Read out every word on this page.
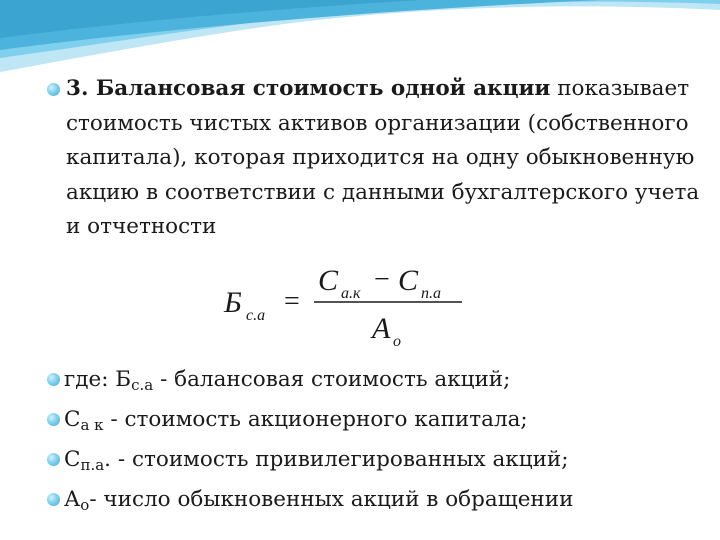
3. Балансовая стоимость одной акции показывает стоимость чистых активов организации (собственного капитала), которая приходится на одну обыкновенную акцию в соответствии с данными бухгалтерского учета и отчетности

Б с.а =
С а.к − С п.а
А о
где: $Б_{с.а}$ - балансовая стоимость акций;
$С_{а к}$ - стоимость акционерного капитала;
$С_{п.а}$. - стоимость привилегированных акций;
$А_о-$ число обыкновенных акций в обращении
